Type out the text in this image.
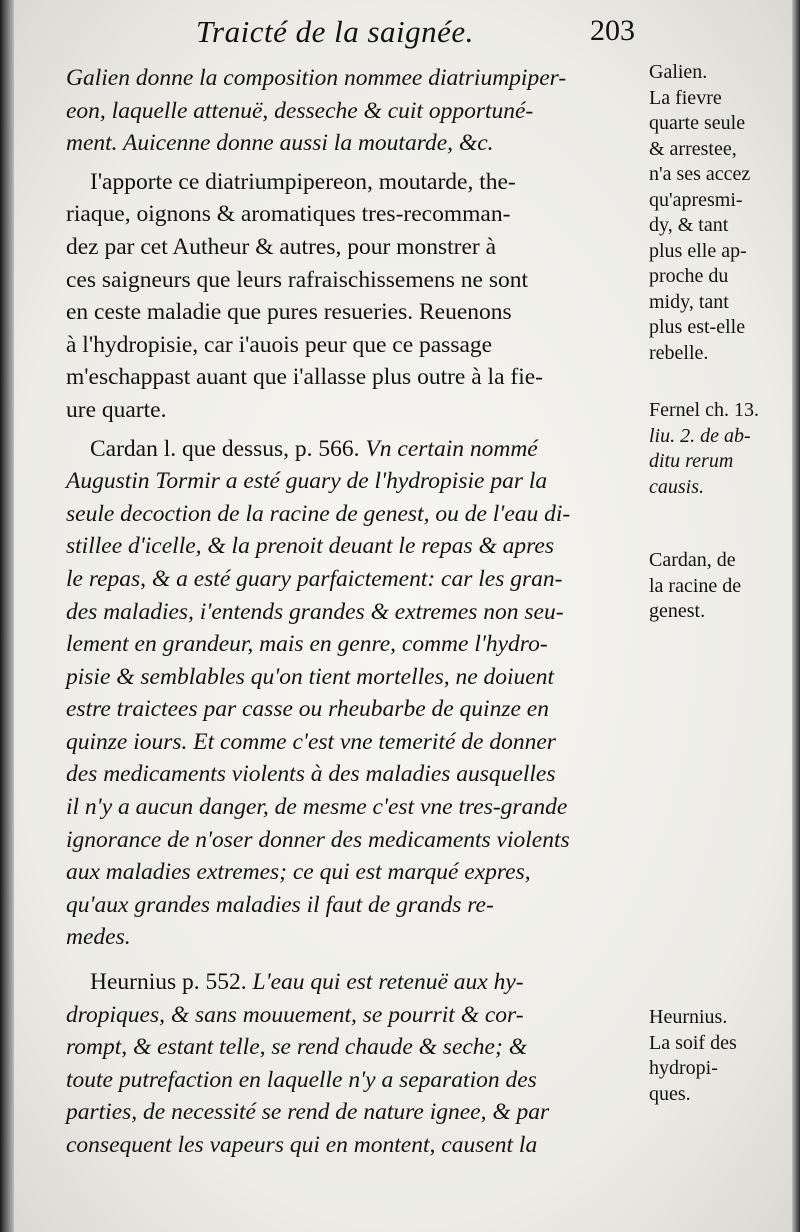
Traicté de la saignée.	203
Galien donne la composition nommee diatriumpiper-
eon, laquelle attenuë, desseche & cuit opportuné-
ment. Auicenne donne aussi la moutarde, &c.
I'apporte ce diatriumpipereon, moutarde, the-
riaque, oignons & aromatiques tres-recomman-
dez par cet Autheur & autres, pour monstrer à
ces saigneurs que leurs rafraischissemens ne sont
en ceste maladie que pures resueries. Reuenons
à l'hydropisie, car i'auois peur que ce passage
m'eschappast auant que i'allasse plus outre à la fie-
ure quarte.
Cardan l. que dessus, p. 566. Vn certain nommé
Augustin Tormir a esté guary de l'hydropisie par la
seule decoction de la racine de genest, ou de l'eau di-
stillee d'icelle, & la prenoit deuant le repas & apres
le repas, & a esté guary parfaictement: car les gran-
des maladies, i'entends grandes & extremes non seu-
lement en grandeur, mais en genre, comme l'hydro-
pisie & semblables qu'on tient mortelles, ne doiuent
estre traictees par casse ou rheubarbe de quinze en
quinze iours. Et comme c'est vne temerité de donner
des medicaments violents à des maladies ausquelles
il n'y a aucun danger, de mesme c'est vne tres-grande
ignorance de n'oser donner des medicaments violents
aux maladies extremes; ce qui est marqué expres,
qu'aux grandes maladies il faut de grands re-
medes.
Heurnius p. 552. L'eau qui est retenuë aux hy-
dropiques, & sans mouuement, se pourrit & cor-
rompt, & estant telle, se rend chaude & seche; &
toute putrefaction en laquelle n'y a separation des
parties, de necessité se rend de nature ignee, & par
consequent les vapeurs qui en montent, causent la
Galien.
La fievre
quarte seule
& arrestee,
n'a ses accez
qu'apresmi-
dy, & tant
plus elle ap-
proche du
midy, tant
plus est-elle
rebelle.
Fernel ch. 13.
liu. 2. de ab-
ditu rerum
causis.
Cardan, de
la racine de
genest.
Heurnius.
La soif des
hydropi-
ques.
